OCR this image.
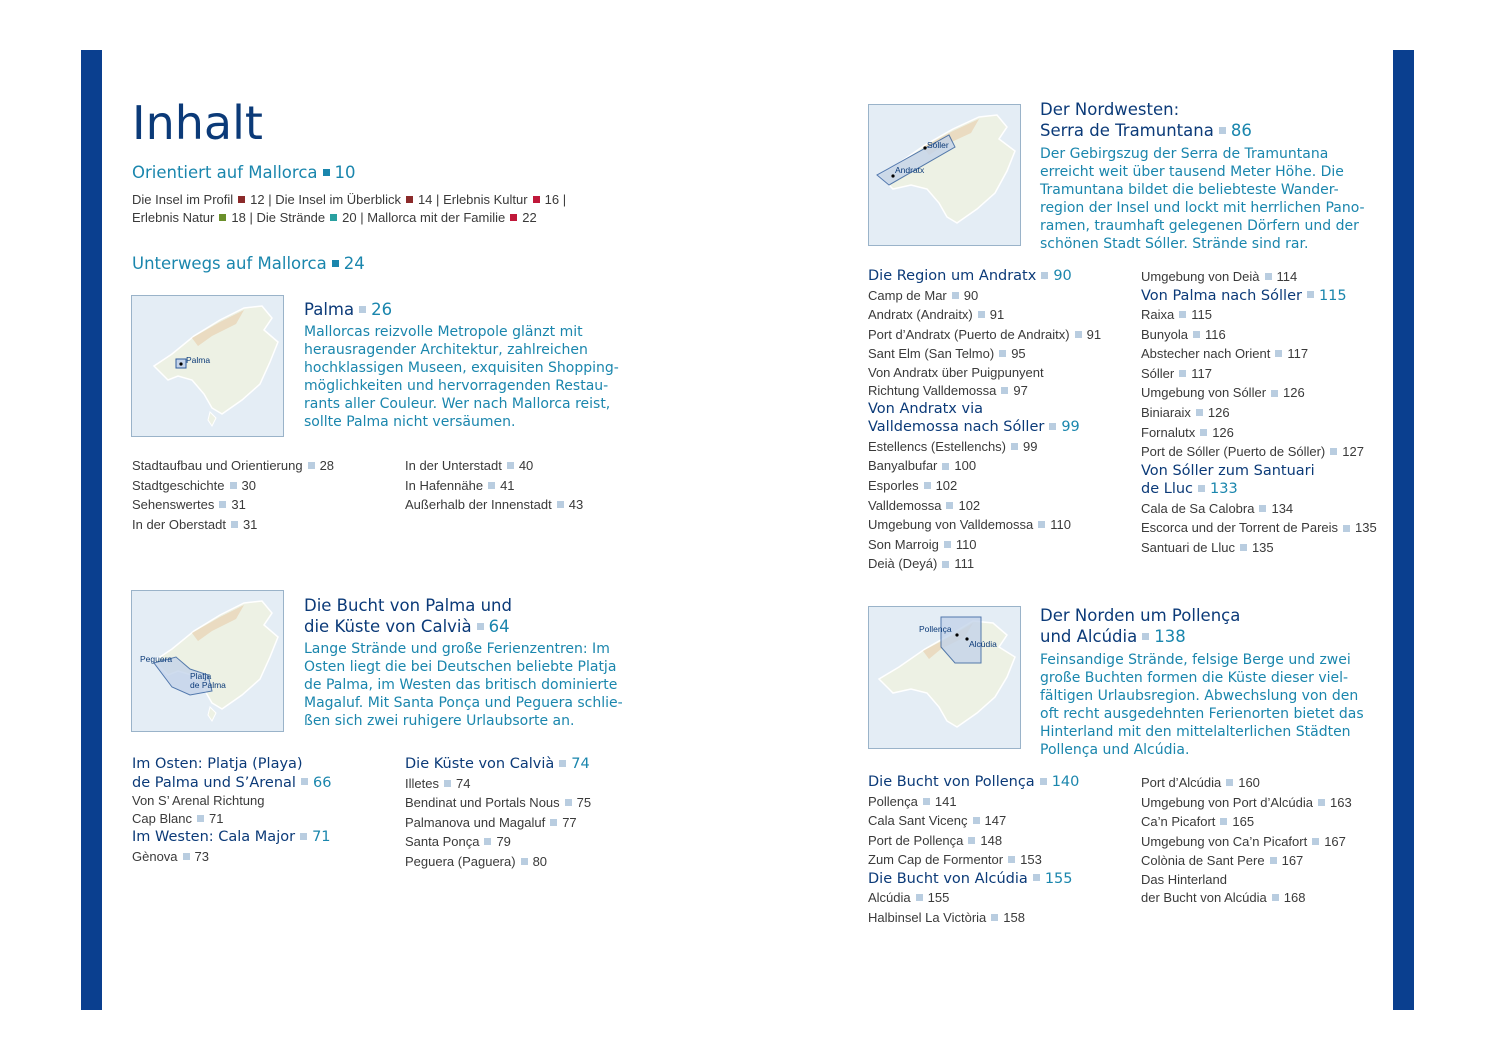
Inhalt
Orientiert auf Mallorca 10
Die Insel im Profil 12 | Die Insel im Überblick 14 | Erlebnis Kultur 16 |
Erlebnis Natur 18 | Die Strände 20 | Mallorca mit der Familie 22
Unterwegs auf Mallorca 24
Palma
Palma 26
Mallorcas reizvolle Metropole glänzt mit
herausragender Architektur, zahlreichen
hochklassigen Museen, exquisiten Shopping-
möglichkeiten und hervorragenden Restau-
rants aller Couleur. Wer nach Mallorca reist,
sollte Palma nicht versäumen.
Stadtaufbau und Orientierung 28
Stadtgeschichte 30
Sehenswertes 31
In der Oberstadt 31
In der Unterstadt 40
In Hafennähe 41
Außerhalb der Innenstadt 43
Peguera
Platja
de Palma
Die Bucht von Palma und
die Küste von Calvià 64
Lange Strände und große Ferienzentren: Im
Osten liegt die bei Deutschen beliebte Platja
de Palma, im Westen das britisch dominierte
Magaluf. Mit Santa Ponça und Peguera schlie-
ßen sich zwei ruhigere Urlaubsorte an.
Im Osten: Platja (Playa)
de Palma und S’Arenal 66
Von S’ Arenal Richtung
Cap Blanc 71
Im Westen: Cala Major 71
Gènova 73
Die Küste von Calvià 74
Illetes 74
Bendinat und Portals Nous 75
Palmanova und Magaluf 77
Santa Ponça 79
Peguera (Paguera) 80
Sóller
Andratx
Der Nordwesten:
Serra de Tramuntana 86
Der Gebirgszug der Serra de Tramuntana
erreicht weit über tausend Meter Höhe. Die
Tramuntana bildet die beliebteste Wander-
region der Insel und lockt mit herrlichen Pano-
ramen, traumhaft gelegenen Dörfern und der
schönen Stadt Sóller. Strände sind rar.
Die Region um Andratx 90
Camp de Mar 90
Andratx (Andraitx) 91
Port d’Andratx (Puerto de Andraitx) 91
Sant Elm (San Telmo) 95
Von Andratx über Puigpunyent
Richtung Valldemossa 97
Von Andratx via
Valldemossa nach Sóller 99
Estellencs (Estellenchs) 99
Banyalbufar 100
Esporles 102
Valldemossa 102
Umgebung von Valldemossa 110
Son Marroig 110
Deià (Deyá) 111
Umgebung von Deià 114
Von Palma nach Sóller 115
Raixa 115
Bunyola 116
Abstecher nach Orient 117
Sóller 117
Umgebung von Sóller 126
Biniaraix 126
Fornalutx 126
Port de Sóller (Puerto de Sóller) 127
Von Sóller zum Santuari
de Lluc 133
Cala de Sa Calobra 134
Escorca und der Torrent de Pareis 135
Santuari de Lluc 135
Pollença
Alcúdia
Der Norden um Pollença
und Alcúdia 138
Feinsandige Strände, felsige Berge und zwei
große Buchten formen die Küste dieser viel-
fältigen Urlaubsregion. Abwechslung von den
oft recht ausgedehnten Ferienorten bietet das
Hinterland mit den mittelalterlichen Städten
Pollença und Alcúdia.
Die Bucht von Pollença 140
Pollença 141
Cala Sant Vicenç 147
Port de Pollença 148
Zum Cap de Formentor 153
Die Bucht von Alcúdia 155
Alcúdia 155
Halbinsel La Victòria 158
Port d’Alcúdia 160
Umgebung von Port d’Alcúdia 163
Ca’n Picafort 165
Umgebung von Ca’n Picafort 167
Colònia de Sant Pere 167
Das Hinterland
der Bucht von Alcúdia 168
